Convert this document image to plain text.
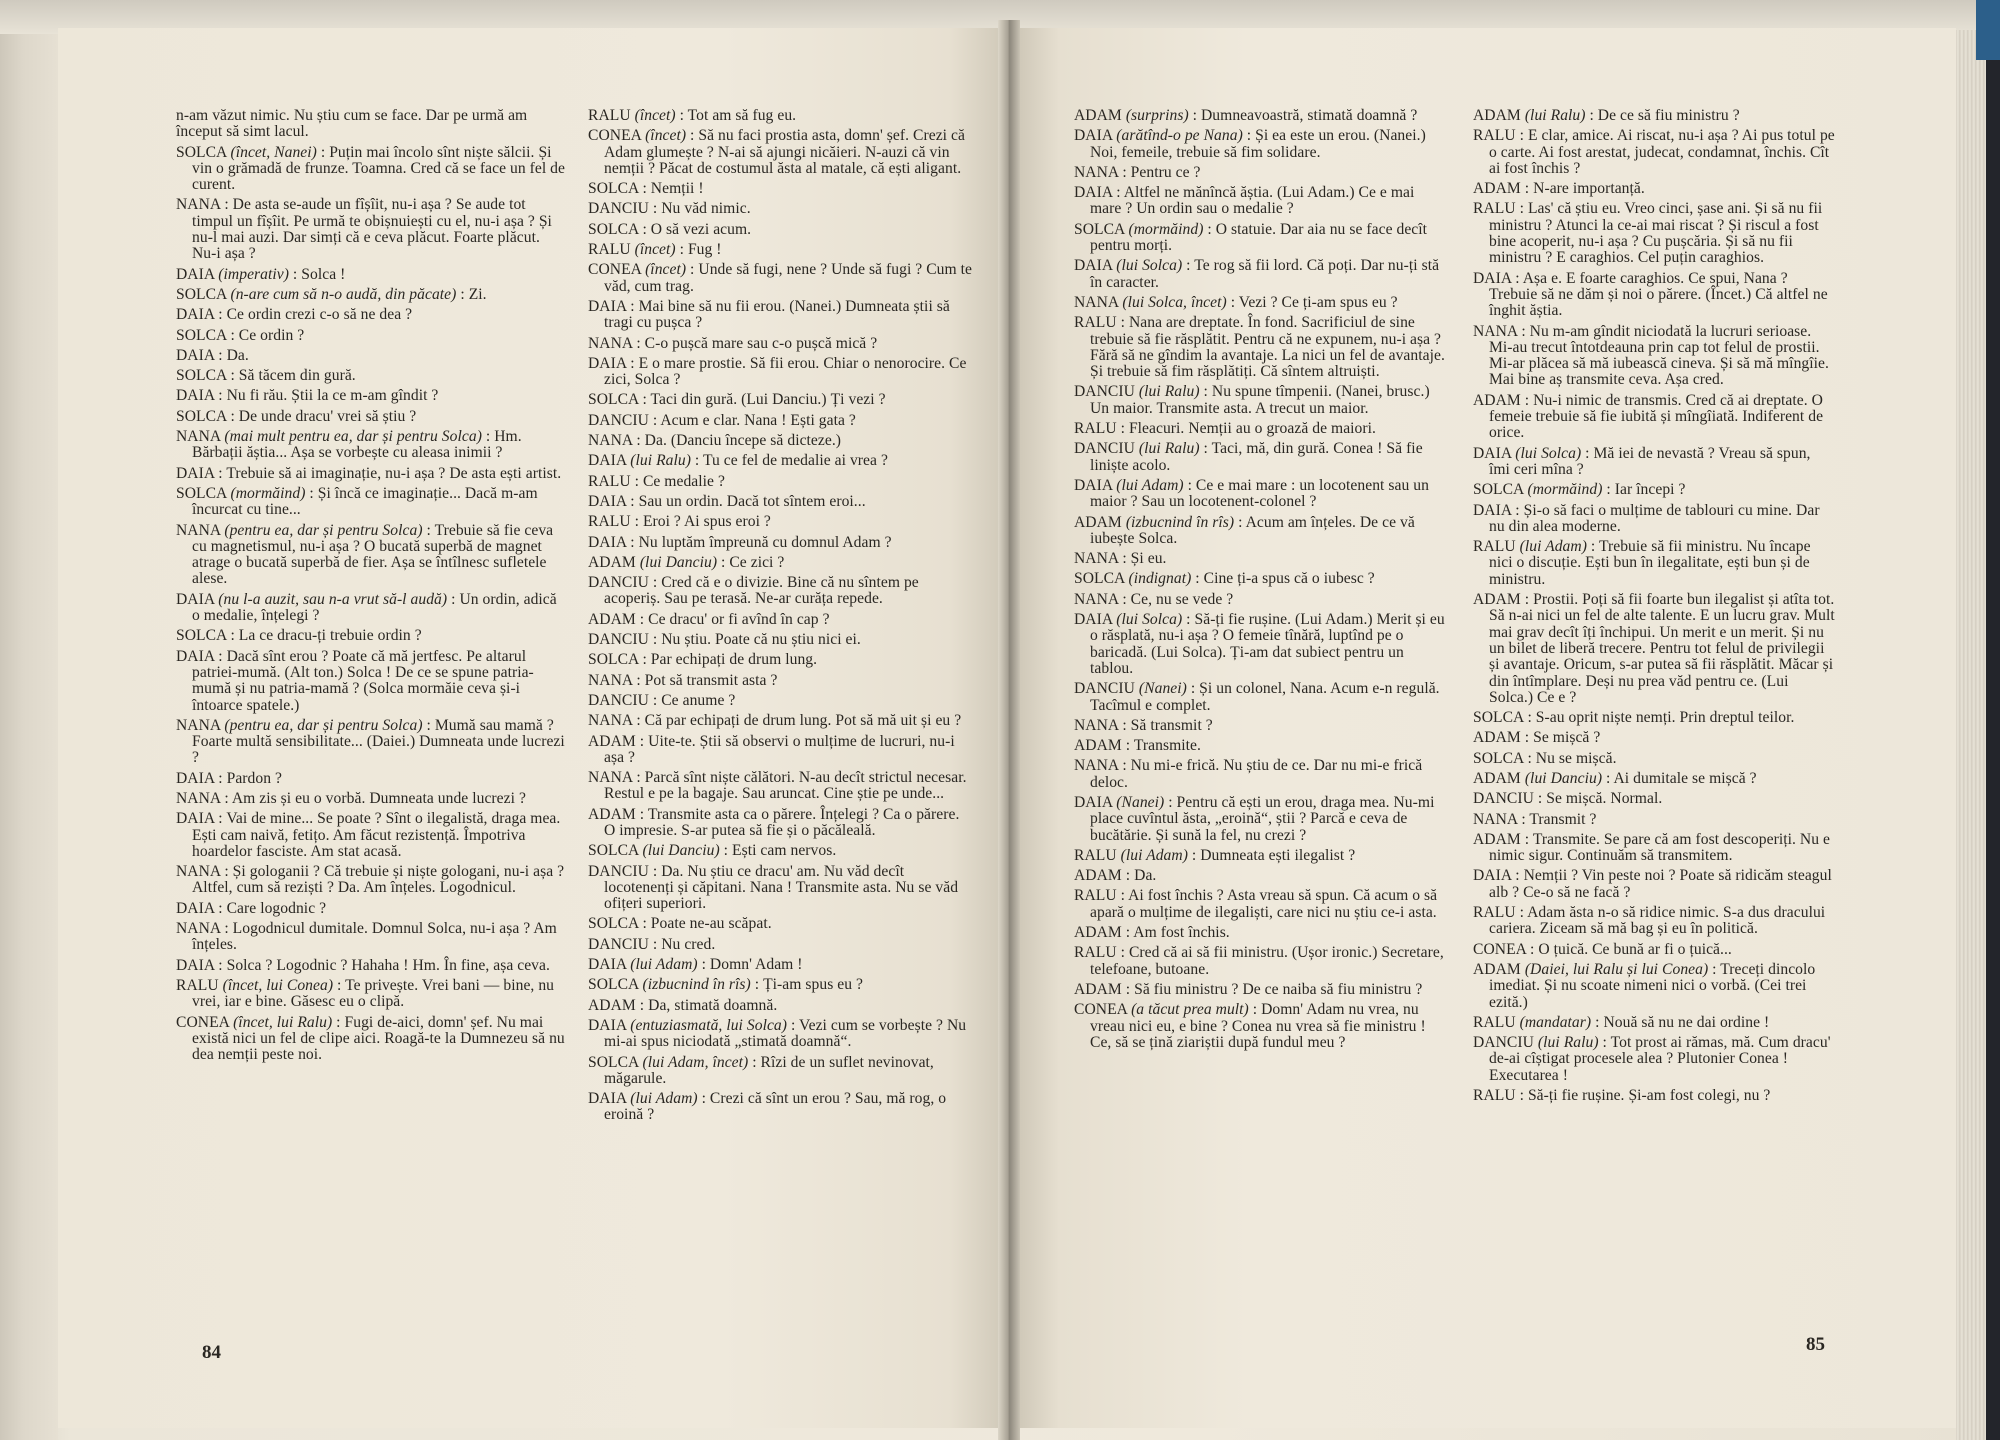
n-am văzut nimic. Nu știu cum se face. Dar pe urmă am început să simt lacul.

SOLCA (încet, Nanei) : Puțin mai încolo sînt niște sălcii. Și vin o grămadă de frunze. Toamna. Cred că se face un fel de curent.

NANA : De asta se-aude un fîșîit, nu-i așa ? Se aude tot timpul un fîșîit. Pe urmă te obișnuiești cu el, nu-i așa ? Și nu-l mai auzi. Dar simți că e ceva plăcut. Foarte plăcut. Nu-i așa ?

DAIA (imperativ) : Solca !

SOLCA (n-are cum să n-o audă, din păcate) : Zi.

DAIA : Ce ordin crezi c-o să ne dea ?

SOLCA : Ce ordin ?

DAIA : Da.

SOLCA : Să tăcem din gură.

DAIA : Nu fi rău. Știi la ce m-am gîndit ?

SOLCA : De unde dracu' vrei să știu ?

NANA (mai mult pentru ea, dar și pentru Solca) : Hm. Bărbații ăștia... Așa se vorbește cu aleasa inimii ?

DAIA : Trebuie să ai imaginație, nu-i așa ? De asta ești artist.

SOLCA (mormăind) : Și încă ce imaginație... Dacă m-am încurcat cu tine...

NANA (pentru ea, dar și pentru Solca) : Trebuie să fie ceva cu magnetismul, nu-i așa ? O bucată superbă de magnet atrage o bucată superbă de fier. Așa se întîlnesc sufletele alese.

DAIA (nu l-a auzit, sau n-a vrut să-l audă) : Un ordin, adică o medalie, înțelegi ?

SOLCA : La ce dracu-ți trebuie ordin ?

DAIA : Dacă sînt erou ? Poate că mă jertfesc. Pe altarul patriei-mumă. (Alt ton.) Solca ! De ce se spune patria-mumă și nu patria-mamă ? (Solca mormăie ceva și-i întoarce spatele.)

NANA (pentru ea, dar și pentru Solca) : Mumă sau mamă ? Foarte multă sensibilitate... (Daiei.) Dumneata unde lucrezi ?

DAIA : Pardon ?

NANA : Am zis și eu o vorbă. Dumneata unde lucrezi ?

DAIA : Vai de mine... Se poate ? Sînt o ilegalistă, draga mea. Ești cam naivă, fetițo. Am făcut rezistență. Împotriva hoardelor fasciste. Am stat acasă.

NANA : Și gologanii ? Că trebuie și niște gologani, nu-i așa ? Altfel, cum să reziști ? Da. Am înțeles. Logodnicul.

DAIA : Care logodnic ?

NANA : Logodnicul dumitale. Domnul Solca, nu-i așa ? Am înțeles.

DAIA : Solca ? Logodnic ? Hahaha ! Hm. În fine, așa ceva.

RALU (încet, lui Conea) : Te privește. Vrei bani — bine, nu vrei, iar e bine. Găsesc eu o clipă.

CONEA (încet, lui Ralu) : Fugi de-aici, domn' șef. Nu mai există nici un fel de clipe aici. Roagă-te la Dumnezeu să nu dea nemții peste noi.

RALU (încet) : Tot am să fug eu.

CONEA (încet) : Să nu faci prostia asta, domn' șef. Crezi că Adam glumește ? N-ai să ajungi nicăieri. N-auzi că vin nemții ? Păcat de costumul ăsta al matale, că ești aligant.

SOLCA : Nemții !

DANCIU : Nu văd nimic.

SOLCA : O să vezi acum.

RALU (încet) : Fug !

CONEA (încet) : Unde să fugi, nene ? Unde să fugi ? Cum te văd, cum trag.

DAIA : Mai bine să nu fii erou. (Nanei.) Dumneata știi să tragi cu pușca ?

NANA : C-o pușcă mare sau c-o pușcă mică ?

DAIA : E o mare prostie. Să fii erou. Chiar o nenorocire. Ce zici, Solca ?

SOLCA : Taci din gură. (Lui Danciu.) Ți vezi ?

DANCIU : Acum e clar. Nana ! Ești gata ?

NANA : Da. (Danciu începe să dicteze.)

DAIA (lui Ralu) : Tu ce fel de medalie ai vrea ?

RALU : Ce medalie ?

DAIA : Sau un ordin. Dacă tot sîntem eroi...

RALU : Eroi ? Ai spus eroi ?

DAIA : Nu luptăm împreună cu domnul Adam ?

ADAM (lui Danciu) : Ce zici ?

DANCIU : Cred că e o divizie. Bine că nu sîntem pe acoperiș. Sau pe terasă. Ne-ar curăța repede.

ADAM : Ce dracu' or fi avînd în cap ?

DANCIU : Nu știu. Poate că nu știu nici ei.

SOLCA : Par echipați de drum lung.

NANA : Pot să transmit asta ?

DANCIU : Ce anume ?

NANA : Că par echipați de drum lung. Pot să mă uit și eu ?

ADAM : Uite-te. Știi să observi o mulțime de lucruri, nu-i așa ?

NANA : Parcă sînt niște călători. N-au decît strictul necesar. Restul e pe la bagaje. Sau aruncat. Cine știe pe unde...

ADAM : Transmite asta ca o părere. Înțelegi ? Ca o părere. O impresie. S-ar putea să fie și o păcăleală.

SOLCA (lui Danciu) : Ești cam nervos.

DANCIU : Da. Nu știu ce dracu' am. Nu văd decît locotenenți și căpitani. Nana ! Transmite asta. Nu se văd ofițeri superiori.

SOLCA : Poate ne-au scăpat.

DANCIU : Nu cred.

DAIA (lui Adam) : Domn' Adam !

SOLCA (izbucnind în rîs) : Ți-am spus eu ?

ADAM : Da, stimată doamnă.

DAIA (entuziasmată, lui Solca) : Vezi cum se vorbește ? Nu mi-ai spus niciodată „stimată doamnă“.

SOLCA (lui Adam, încet) : Rîzi de un suflet nevinovat, măgarule.

DAIA (lui Adam) : Crezi că sînt un erou ? Sau, mă rog, o eroină ?

ADAM (surprins) : Dumneavoastră, stimată doamnă ?

DAIA (arătînd-o pe Nana) : Și ea este un erou. (Nanei.) Noi, femeile, trebuie să fim solidare.

NANA : Pentru ce ?

DAIA : Altfel ne mănîncă ăștia. (Lui Adam.) Ce e mai mare ? Un ordin sau o medalie ?

SOLCA (mormăind) : O statuie. Dar aia nu se face decît pentru morți.

DAIA (lui Solca) : Te rog să fii lord. Că poți. Dar nu-ți stă în caracter.

NANA (lui Solca, încet) : Vezi ? Ce ți-am spus eu ?

RALU : Nana are dreptate. În fond. Sacrificiul de sine trebuie să fie răsplătit. Pentru că ne expunem, nu-i așa ? Fără să ne gîndim la avantaje. La nici un fel de avantaje. Și trebuie să fim răsplătiți. Că sîntem altruiști.

DANCIU (lui Ralu) : Nu spune tîmpenii. (Nanei, brusc.) Un maior. Transmite asta. A trecut un maior.

RALU : Fleacuri. Nemții au o groază de maiori.

DANCIU (lui Ralu) : Taci, mă, din gură. Conea ! Să fie liniște acolo.

DAIA (lui Adam) : Ce e mai mare : un locotenent sau un maior ? Sau un locotenent-colonel ?

ADAM (izbucnind în rîs) : Acum am înțeles. De ce vă iubește Solca.

NANA : Și eu.

SOLCA (indignat) : Cine ți-a spus că o iubesc ?

NANA : Ce, nu se vede ?

DAIA (lui Solca) : Să-ți fie rușine. (Lui Adam.) Merit și eu o răsplată, nu-i așa ? O femeie tînără, luptînd pe o baricadă. (Lui Solca). Ți-am dat subiect pentru un tablou.

DANCIU (Nanei) : Și un colonel, Nana. Acum e-n regulă. Tacîmul e complet.

NANA : Să transmit ?

ADAM : Transmite.

NANA : Nu mi-e frică. Nu știu de ce. Dar nu mi-e frică deloc.

DAIA (Nanei) : Pentru că ești un erou, draga mea. Nu-mi place cuvîntul ăsta, „eroină“, știi ? Parcă e ceva de bucătărie. Și sună la fel, nu crezi ?

RALU (lui Adam) : Dumneata ești ilegalist ?

ADAM : Da.

RALU : Ai fost închis ? Asta vreau să spun. Că acum o să apară o mulțime de ilegaliști, care nici nu știu ce-i asta.

ADAM : Am fost închis.

RALU : Cred că ai să fii ministru. (Ușor ironic.) Secretare, telefoane, butoane.

ADAM : Să fiu ministru ? De ce naiba să fiu ministru ?

CONEA (a tăcut prea mult) : Domn' Adam nu vrea, nu vreau nici eu, e bine ? Conea nu vrea să fie ministru ! Ce, să se țină ziariștii după fundul meu ?

ADAM (lui Ralu) : De ce să fiu ministru ?

RALU : E clar, amice. Ai riscat, nu-i așa ? Ai pus totul pe o carte. Ai fost arestat, judecat, condamnat, închis. Cît ai fost închis ?

ADAM : N-are importanță.

RALU : Las' că știu eu. Vreo cinci, șase ani. Și să nu fii ministru ? Atunci la ce-ai mai riscat ? Și riscul a fost bine acoperit, nu-i așa ? Cu pușcăria. Și să nu fii ministru ? E caraghios. Cel puțin caraghios.

DAIA : Așa e. E foarte caraghios. Ce spui, Nana ? Trebuie să ne dăm și noi o părere. (Încet.) Că altfel ne înghit ăștia.

NANA : Nu m-am gîndit niciodată la lucruri serioase. Mi-au trecut întotdeauna prin cap tot felul de prostii. Mi-ar plăcea să mă iubească cineva. Și să mă mîngîie. Mai bine aș transmite ceva. Așa cred.

ADAM : Nu-i nimic de transmis. Cred că ai dreptate. O femeie trebuie să fie iubită și mîngîiată. Indiferent de orice.

DAIA (lui Solca) : Mă iei de nevastă ? Vreau să spun, îmi ceri mîna ?

SOLCA (mormăind) : Iar începi ?

DAIA : Și-o să faci o mulțime de tablouri cu mine. Dar nu din alea moderne.

RALU (lui Adam) : Trebuie să fii ministru. Nu încape nici o discuție. Ești bun în ilegalitate, ești bun și de ministru.

ADAM : Prostii. Poți să fii foarte bun ilegalist și atîta tot. Să n-ai nici un fel de alte talente. E un lucru grav. Mult mai grav decît îți închipui. Un merit e un merit. Și nu un bilet de liberă trecere. Pentru tot felul de privilegii și avantaje. Oricum, s-ar putea să fii răsplătit. Măcar și din întîmplare. Deși nu prea văd pentru ce. (Lui Solca.) Ce e ?

SOLCA : S-au oprit niște nemți. Prin dreptul teilor.

ADAM : Se mișcă ?

SOLCA : Nu se mișcă.

ADAM (lui Danciu) : Ai dumitale se mișcă ?

DANCIU : Se mișcă. Normal.

NANA : Transmit ?

ADAM : Transmite. Se pare că am fost descoperiți. Nu e nimic sigur. Continuăm să transmitem.

DAIA : Nemții ? Vin peste noi ? Poate să ridicăm steagul alb ? Ce-o să ne facă ?

RALU : Adam ăsta n-o să ridice nimic. S-a dus dracului cariera. Ziceam să mă bag și eu în politică.

CONEA : O țuică. Ce bună ar fi o țuică...

ADAM (Daiei, lui Ralu și lui Conea) : Treceți dincolo imediat. Și nu scoate nimeni nici o vorbă. (Cei trei ezită.)

RALU (mandatar) : Nouă să nu ne dai ordine !

DANCIU (lui Ralu) : Tot prost ai rămas, mă. Cum dracu' de-ai cîștigat procesele alea ? Plutonier Conea ! Executarea !

RALU : Să-ți fie rușine. Și-am fost colegi, nu ?

84	85
